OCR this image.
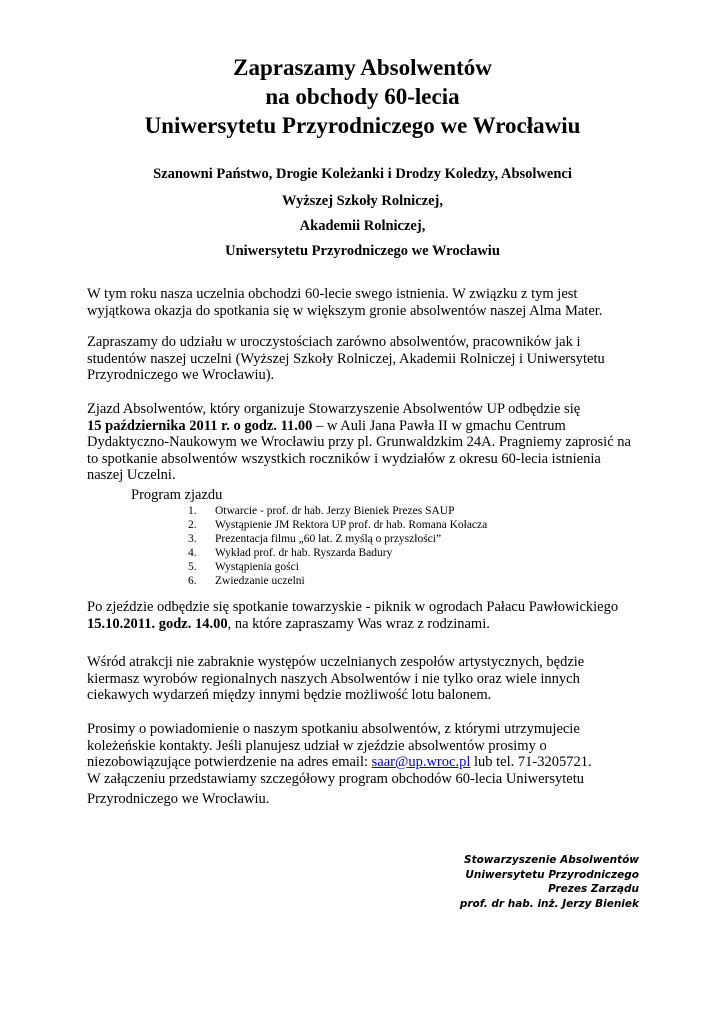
Zapraszamy Absolwentów
na obchody 60-lecia
Uniwersytetu Przyrodniczego we Wrocławiu
Szanowni Państwo, Drogie Koleżanki i Drodzy Koledzy, Absolwenci
Wyższej Szkoły Rolniczej,
Akademii Rolniczej,
Uniwersytetu Przyrodniczego we Wrocławiu
W tym roku nasza uczelnia obchodzi 60-lecie swego istnienia. W związku z tym jest
wyjątkowa okazja do spotkania się w większym gronie absolwentów naszej Alma Mater.
Zapraszamy do udziału w uroczystościach zarówno absolwentów, pracowników jak i
studentów naszej uczelni (Wyższej Szkoły Rolniczej, Akademii Rolniczej i Uniwersytetu
Przyrodniczego we Wrocławiu).
Zjazd Absolwentów, który organizuje Stowarzyszenie Absolwentów UP odbędzie się
15 października 2011 r. o godz. 11.00 – w Auli Jana Pawła II w gmachu Centrum
Dydaktyczno-Naukowym we Wrocławiu przy pl. Grunwaldzkim 24A. Pragniemy zaprosić na
to spotkanie absolwentów wszystkich roczników i wydziałów z okresu 60-lecia istnienia
naszej Uczelni.
Program zjazdu
1. Otwarcie - prof. dr hab. Jerzy Bieniek Prezes SAUP
2. Wystąpienie JM Rektora UP prof. dr hab. Romana Kołacza
3. Prezentacja filmu „60 lat. Z myślą o przyszłości”
4. Wykład prof. dr hab. Ryszarda Badury
5. Wystąpienia gości
6. Zwiedzanie uczelni
Po zjeździe odbędzie się spotkanie towarzyskie - piknik w ogrodach Pałacu Pawłowickiego
15.10.2011. godz. 14.00, na które zapraszamy Was wraz z rodzinami.
Wśród atrakcji nie zabraknie występów uczelnianych zespołów artystycznych, będzie
kiermasz wyrobów regionalnych naszych Absolwentów i nie tylko oraz wiele innych
ciekawych wydarzeń między innymi będzie możliwość lotu balonem.
Prosimy o powiadomienie o naszym spotkaniu absolwentów, z którymi utrzymujecie
koleżeńskie kontakty. Jeśli planujesz udział w zjeździe absolwentów prosimy o
niezobowiązujące potwierdzenie na adres email: saar@up.wroc.pl lub tel. 71-3205721.
W załączeniu przedstawiamy szczegółowy program obchodów 60-lecia Uniwersytetu
Przyrodniczego we Wrocławiu.
Stowarzyszenie Absolwentów
Uniwersytetu Przyrodniczego
Prezes Zarządu
prof. dr hab. inż. Jerzy Bieniek
